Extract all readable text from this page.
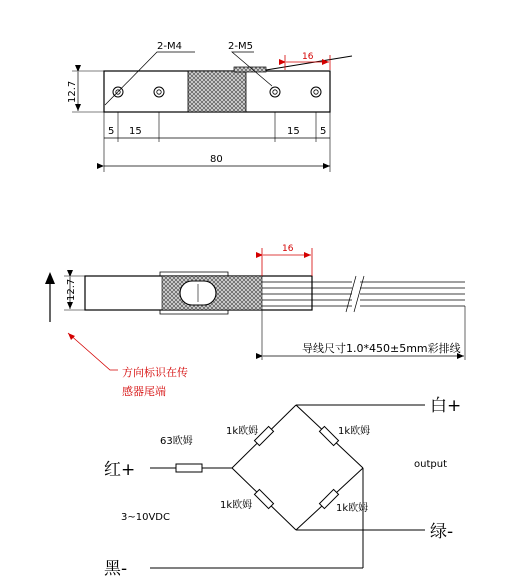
2-M4	2-M5
16
12.7
5 15	15 5
80
12.7
16
导线尺寸1.0*450±5mm彩排线
方向标识在传
感器尾端
63欧姆
1k欧姆	1k欧姆
1k欧姆	1k欧姆
红+
白+
绿-
黑-
output
3~10VDC
